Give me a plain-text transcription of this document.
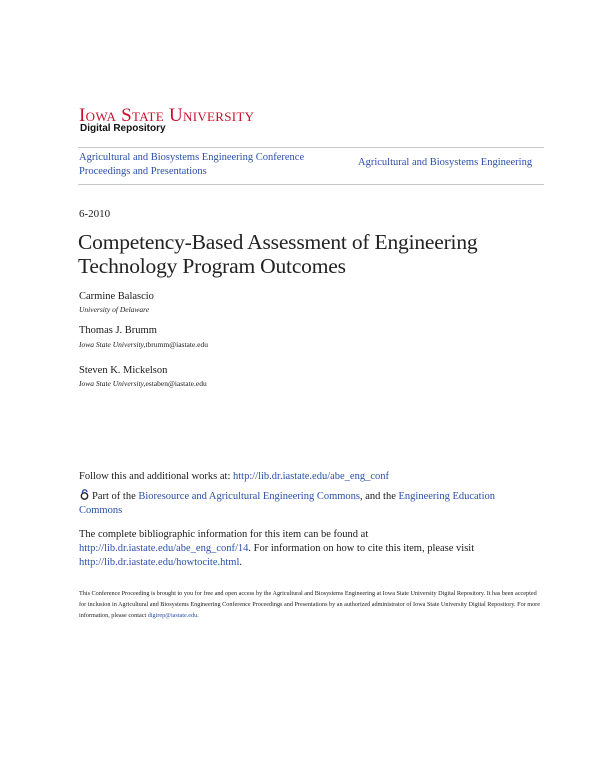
Iowa State University
Digital Repository
Agricultural and Biosystems Engineering Conference Proceedings and Presentations
Agricultural and Biosystems Engineering
6-2010
Competency-Based Assessment of Engineering Technology Program Outcomes
Carmine Balascio
University of Delaware
Thomas J. Brumm
Iowa State University,tbrumm@iastate.edu
Steven K. Mickelson
Iowa State University,estaben@iastate.edu
Follow this and additional works at: http://lib.dr.iastate.edu/abe_eng_conf
Part of the Bioresource and Agricultural Engineering Commons, and the Engineering Education Commons
The complete bibliographic information for this item can be found at http://lib.dr.iastate.edu/abe_eng_conf/14. For information on how to cite this item, please visit http://lib.dr.iastate.edu/howtocite.html.
This Conference Proceeding is brought to you for free and open access by the Agricultural and Biosystems Engineering at Iowa State University Digital Repository. It has been accepted for inclusion in Agricultural and Biosystems Engineering Conference Proceedings and Presentations by an authorized administrator of Iowa State University Digital Repository. For more information, please contact digirep@iastate.edu.
